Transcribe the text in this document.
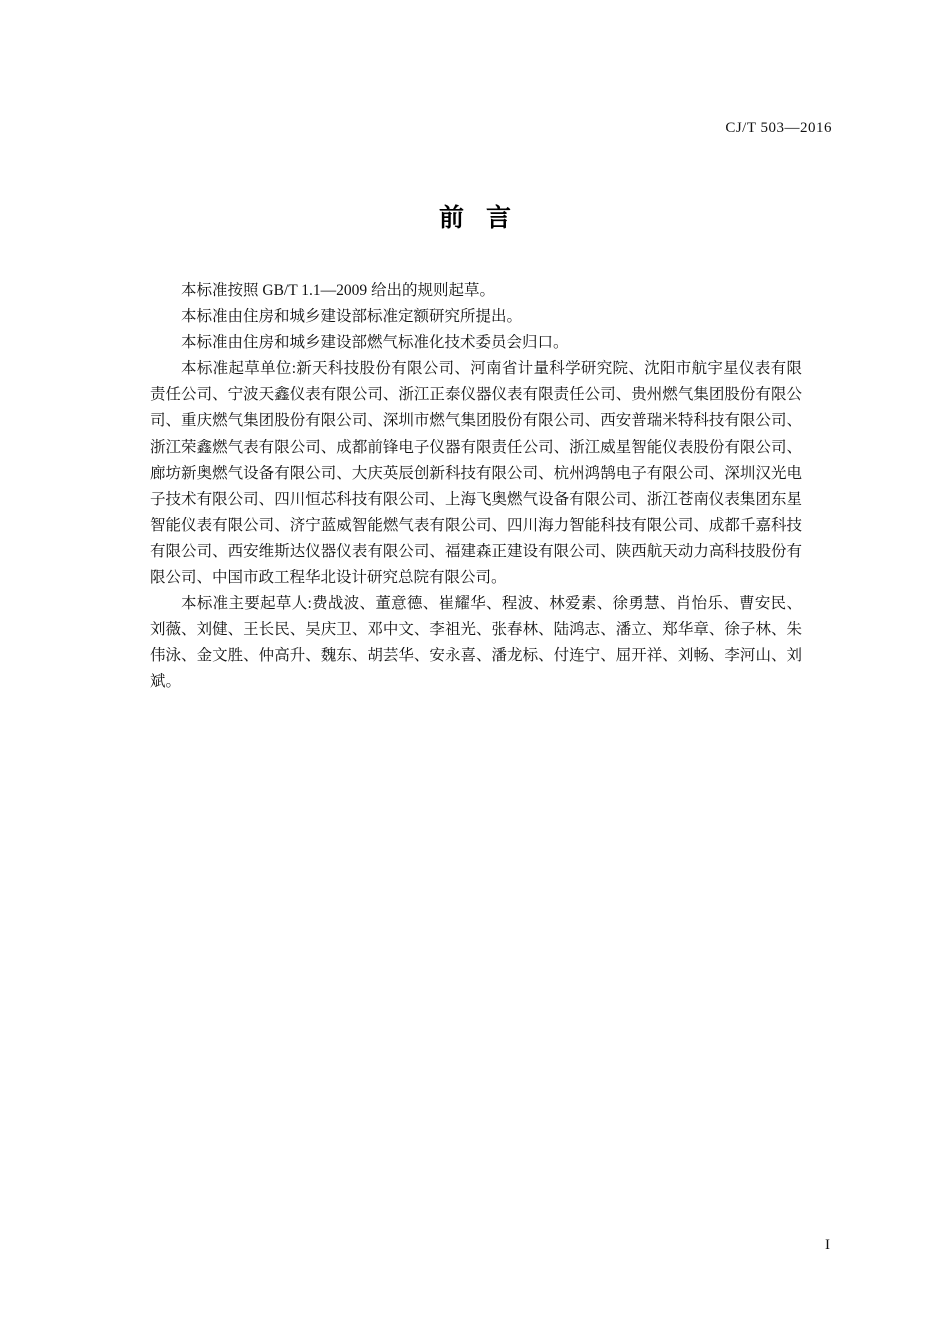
CJ/T 503—2016
前言

本标准按照 GB/T 1.1—2009 给出的规则起草。

本标准由住房和城乡建设部标准定额研究所提出。

本标准由住房和城乡建设部燃气标准化技术委员会归口。

本标准起草单位:新天科技股份有限公司、河南省计量科学研究院、沈阳市航宇星仪表有限责任公司、宁波天鑫仪表有限公司、浙江正泰仪器仪表有限责任公司、贵州燃气集团股份有限公司、重庆燃气集团股份有限公司、深圳市燃气集团股份有限公司、西安普瑞米特科技有限公司、浙江荣鑫燃气表有限公司、成都前锋电子仪器有限责任公司、浙江威星智能仪表股份有限公司、廊坊新奥燃气设备有限公司、大庆英辰创新科技有限公司、杭州鸿鹄电子有限公司、深圳汉光电子技术有限公司、四川恒芯科技有限公司、上海飞奥燃气设备有限公司、浙江苍南仪表集团东星智能仪表有限公司、济宁蓝威智能燃气表有限公司、四川海力智能科技有限公司、成都千嘉科技有限公司、西安维斯达仪器仪表有限公司、福建森正建设有限公司、陕西航天动力高科技股份有限公司、中国市政工程华北设计研究总院有限公司。

本标准主要起草人:费战波、董意德、崔耀华、程波、林爱素、徐勇慧、肖怡乐、曹安民、刘薇、刘健、王长民、吴庆卫、邓中文、李祖光、张春林、陆鸿志、潘立、郑华章、徐子林、朱伟泳、金文胜、仲高升、魏东、胡芸华、安永喜、潘龙标、付连宁、屈开祥、刘畅、李河山、刘斌。

I
